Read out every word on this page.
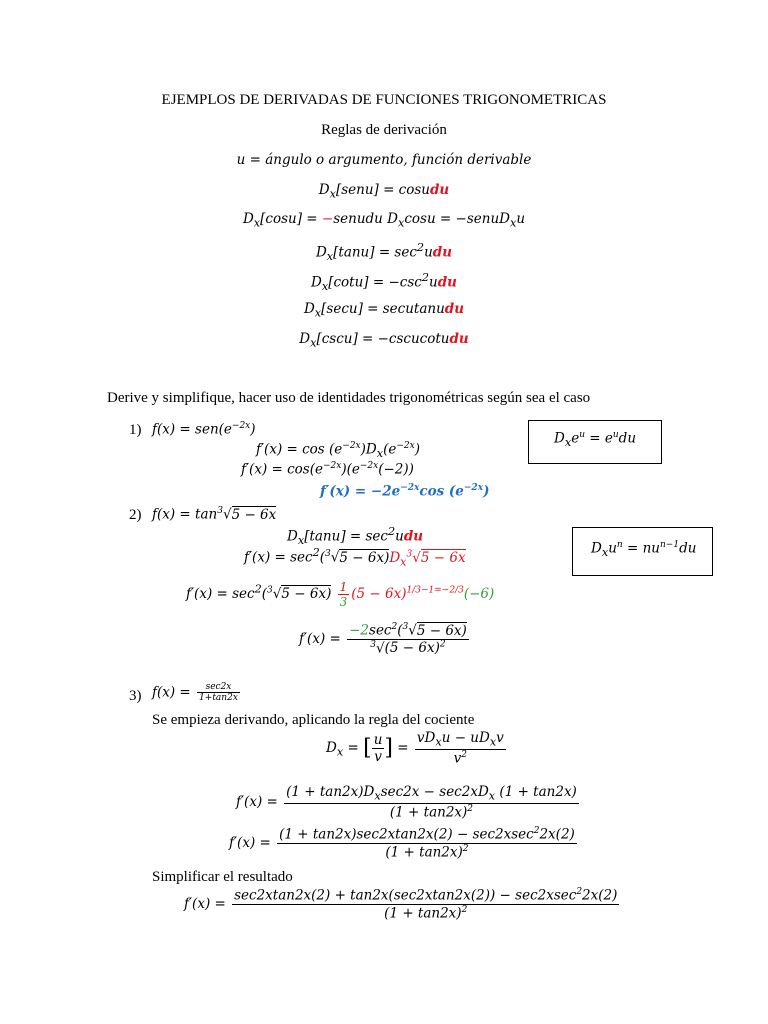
EJEMPLOS DE DERIVADAS DE FUNCIONES TRIGONOMETRICAS
Reglas de derivación
u = ángulo o argumento, función derivable
$D_x[senu]$ = cosudu
$D_x[\cos u]$ = −senudu $D_x\cos u$ = −senuD$_x$u
$D_x[\tan u] = \sec^2udu$
$D_x[\cot u] = -\csc^2udu$
$D_x[\sec u]$ = secutanudu
$D_x[\csc u]$ = −cscucotudu
Derive y simplifique, hacer uso de identidades trigonométricas según sea el caso
1) $f(x) = sen(e^{-2x})$
$f'(x) = \cos (e^{-2x})D_x(e^{-2x})$
$f'(x) = \cos(e^{-2x})(e^{-2x}(-2))$
$f'(x) = -2e^{-2x}\cos$ $(e^{-2x})$
$D_xe^u = e^udu$
2) $f(x) = \tan^3√5 - 6x$
$D_x[\tan u] = \sec^2udu$
$f'(x) = \sec^2(^3√5 - 6x)D_x^3√5 - 6x$
$D_xu^n = nu^{n-1}du$
$f'(x) = \sec^2(^3√5 - 6x) \frac{1}{3} (5 - 6x)^{1/3-1=-2/3}(-6)$
$f'(x) = \frac{-2\sec^2(^3√5 - 6x)}{^3√(5 - 6x)^2}$
3) $f(x) = \frac{\sec 2x}{1+\tan 2x}$
Se empieza derivando, aplicando la regla del cociente
$D_x$ = [ $\frac{u}{v}$ ] = $\frac{vD_xu - uD_xv}{v^2}$
$f'(x) = \frac{(1 + \tan 2x)D_x\sec 2x - \sec 2xD_x (1 + \tan 2x)}{(1 + \tan 2x)^2}$
$f'(x) = \frac{(1 + \tan 2x)\sec 2xtan2x(2) - \sec 2xsec^22x(2)}{(1 + \tan 2x)^2}$
Simplificar el resultado
$f'(x) = \frac{\sec 2xtan2x(2) + \tan 2x(\sec 2xtan2x(2)) - \sec 2xsec^22x(2)}{(1 + \tan 2x)^2}$
